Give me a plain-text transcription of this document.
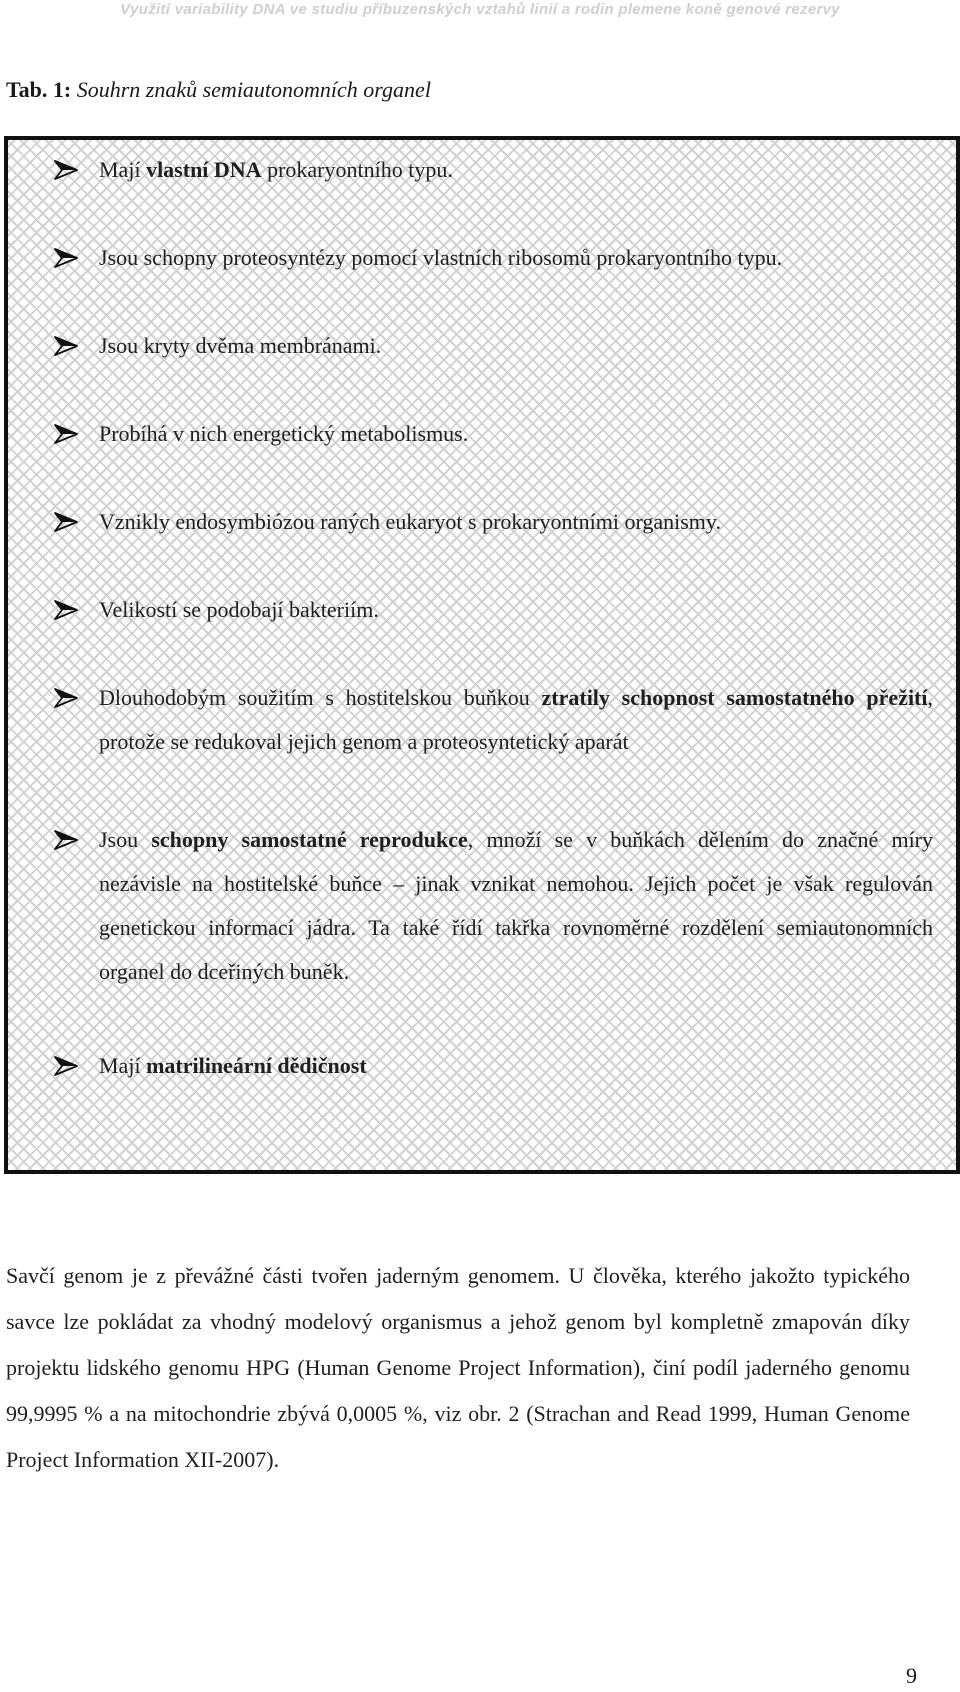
Využití variability DNA ve studiu příbuzenských vztahů linií a rodin plemene koně genové rezervy
Tab. 1: Souhrn znaků semiautonomních organel
Mají vlastní DNA prokaryontního typu.
Jsou schopny proteosyntézy pomocí vlastních ribosomů prokaryontního typu.
Jsou kryty dvěma membránami.
Probíhá v nich energetický metabolismus.
Vznikly endosymbiózou raných eukaryot s prokaryontními organismy.
Velikostí se podobají bakteriím.
Dlouhodobým soužitím s hostitelskou buňkou ztratily schopnost samostatného přežití, protože se redukoval jejich genom a proteosyntetický aparát
Jsou schopny samostatné reprodukce, množí se v buňkách dělením do značné míry nezávisle na hostitelské buňce – jinak vznikat nemohou. Jejich počet je však regulován genetickou informací jádra. Ta také řídí takřka rovnoměrné rozdělení semiautonomních organel do dceřiných buněk.
Mají matrilineární dědičnost
Savčí genom je z převážné části tvořen jaderným genomem. U člověka, kterého jakožto typického savce lze pokládat za vhodný modelový organismus a jehož genom byl kompletně zmapován díky projektu lidského genomu HPG (Human Genome Project Information), činí podíl jaderného genomu 99,9995 % a na mitochondrie zbývá 0,0005 %, viz obr. 2 (Strachan and Read 1999, Human Genome Project Information XII-2007).
9
